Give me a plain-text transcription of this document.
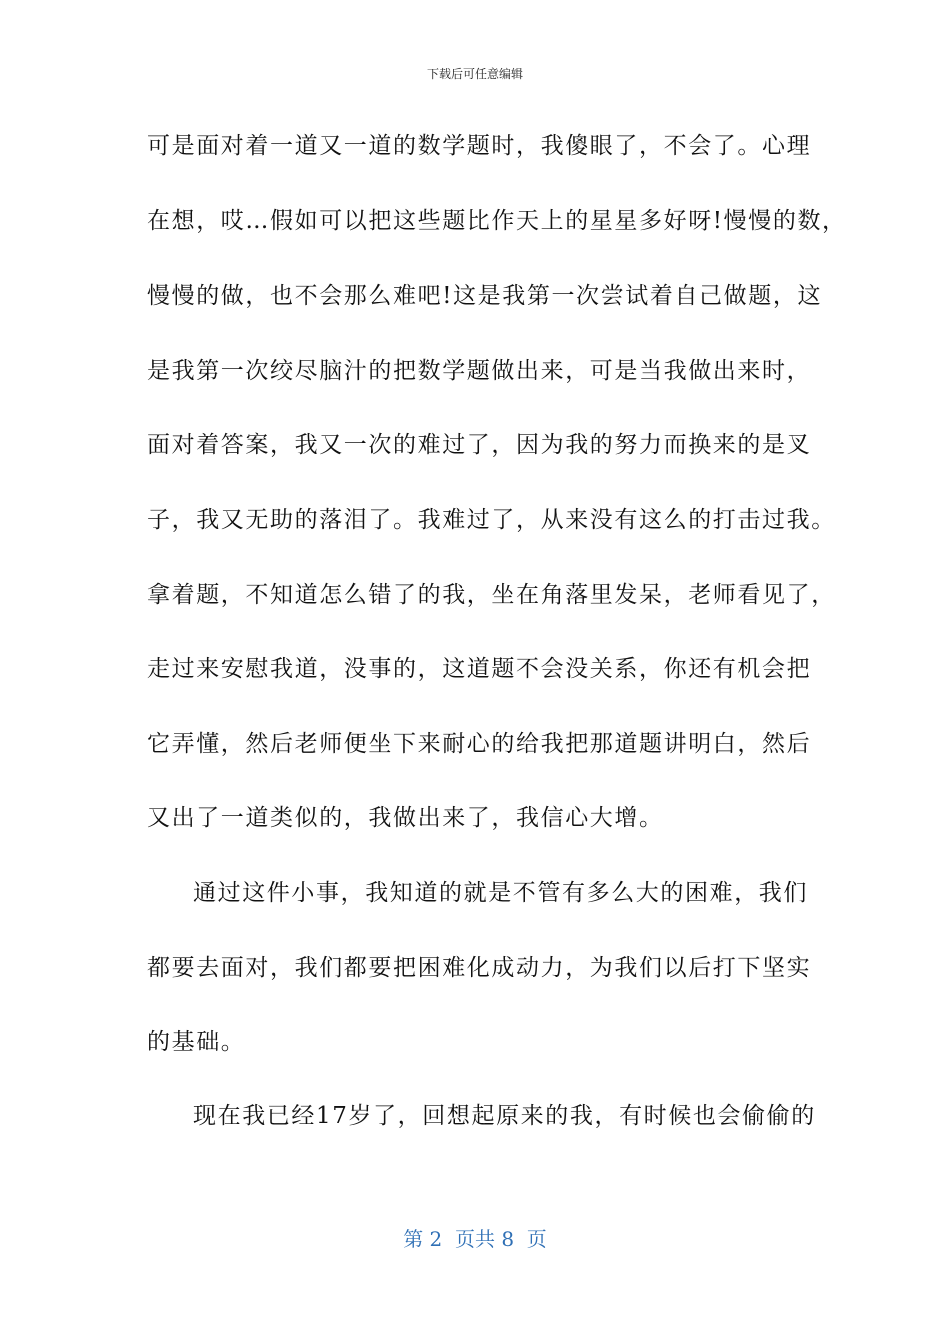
下载后可任意编辑
可是面对着一道又一道的数学题时，我傻眼了，不会了。心理
在想，哎…假如可以把这些题比作天上的星星多好呀!慢慢的数，
慢慢的做，也不会那么难吧!这是我第一次尝试着自己做题，这
是我第一次绞尽脑汁的把数学题做出来，可是当我做出来时，
面对着答案，我又一次的难过了，因为我的努力而换来的是叉
子，我又无助的落泪了。我难过了，从来没有这么的打击过我。
拿着题，不知道怎么错了的我，坐在角落里发呆，老师看见了，
走过来安慰我道，没事的，这道题不会没关系，你还有机会把
它弄懂，然后老师便坐下来耐心的给我把那道题讲明白，然后
又出了一道类似的，我做出来了，我信心大增。
通过这件小事，我知道的就是不管有多么大的困难，我们
都要去面对，我们都要把困难化成动力，为我们以后打下坚实
的基础。
现在我已经17岁了，回想起原来的我，有时候也会偷偷的
第 2  页共 8  页
